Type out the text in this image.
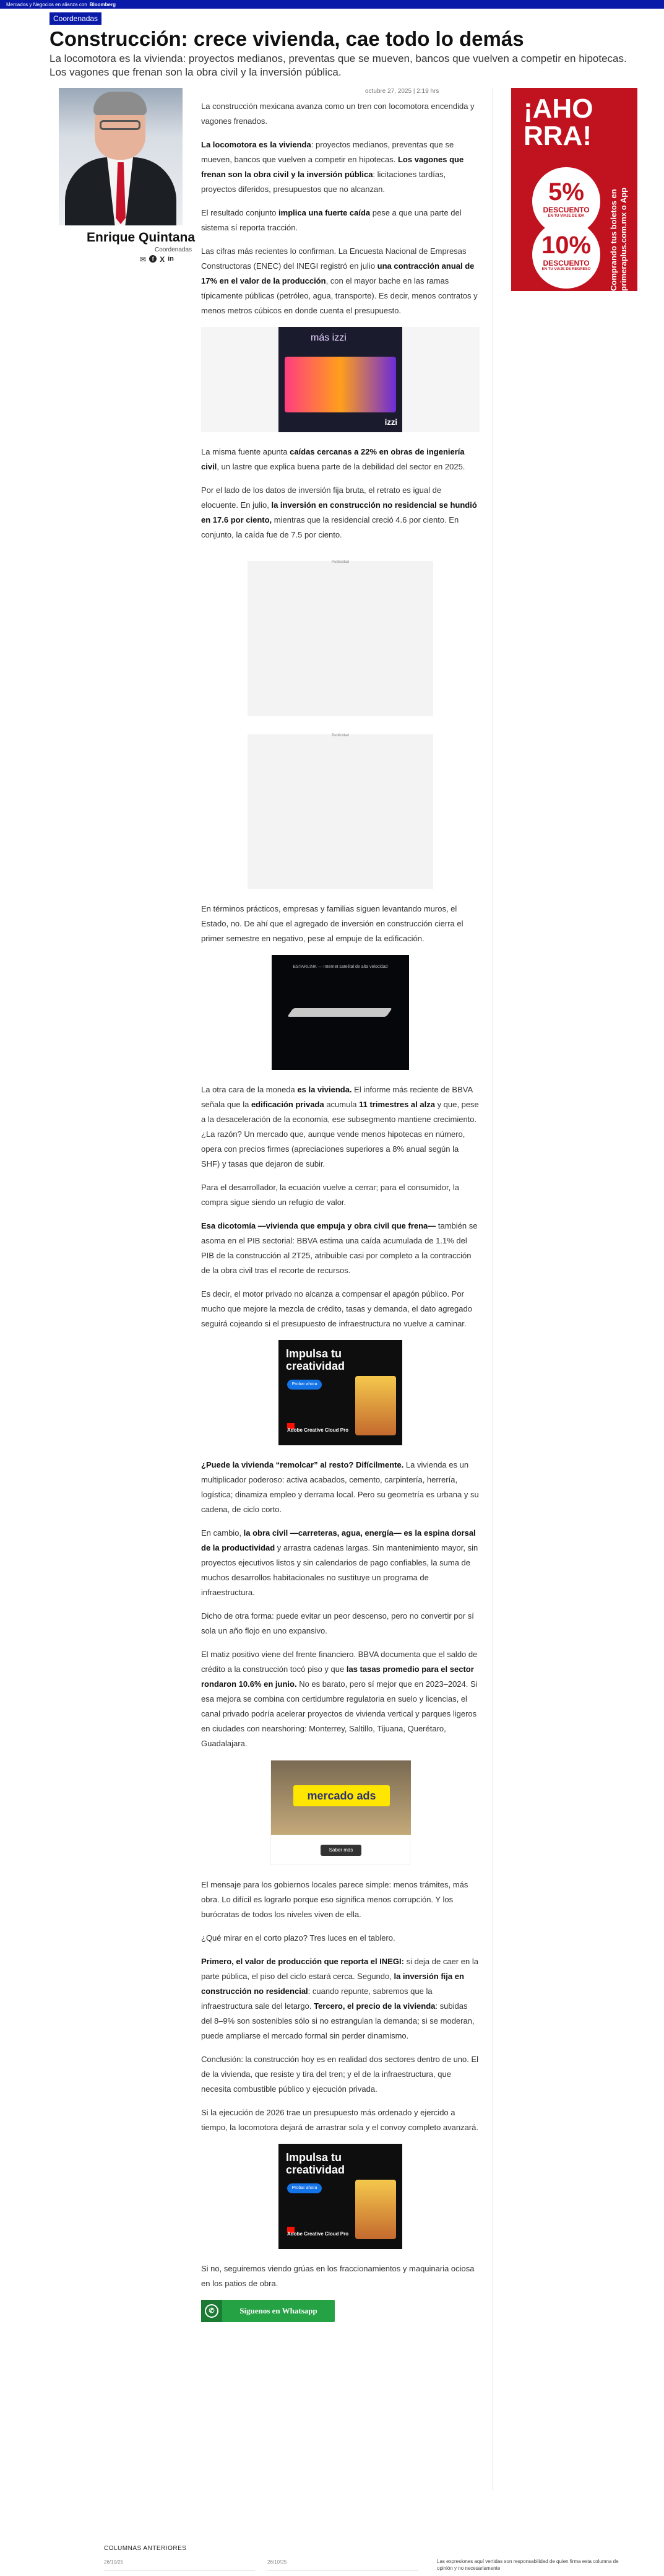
Mercados y Negocios en alianza con Bloomberg
Coordenadas
Construcción: crece vivienda, cae todo lo demás

La locomotora es la vivienda: proyectos medianos, preventas que se mueven, bancos que vuelven a competir en hipotecas. Los vagones que frenan son la obra civil y la inversión pública.

Enrique Quintana
Coordenadas
✉	f X in
octubre 27, 2025 | 2:19 hrs
¡AHO RRA!
5%
DESCUENTO
EN TU VIAJE DE IDA
10%
DESCUENTO
EN TU VIAJE DE REGRESO	Comprando tus boletos en primeraplus.com.mx o App

La construcción mexicana avanza como un tren con locomotora encendida y vagones frenados.

La locomotora es la vivienda: proyectos medianos, preventas que se mueven, bancos que vuelven a competir en hipotecas. Los vagones que frenan son la obra civil y la inversión pública: licitaciones tardías, proyectos diferidos, presupuestos que no alcanzan.

El resultado conjunto implica una fuerte caída pese a que una parte del sistema sí reporta tracción.

Las cifras más recientes lo confirman. La Encuesta Nacional de Empresas Constructoras (ENEC) del INEGI registró en julio una contracción anual de 17% en el valor de la producción, con el mayor bache en las ramas típicamente públicas (petróleo, agua, transporte). Es decir, menos contratos y menos metros cúbicos en donde cuenta el presupuesto.

más izzi
izzi

La misma fuente apunta caídas cercanas a 22% en obras de ingeniería civil, un lastre que explica buena parte de la debilidad del sector en 2025.

Por el lado de los datos de inversión fija bruta, el retrato es igual de elocuente. En julio, la inversión en construcción no residencial se hundió en 17.6 por ciento, mientras que la residencial creció 4.6 por ciento. En conjunto, la caída fue de 7.5 por ciento.

Publicidad
Publicidad

En términos prácticos, empresas y familias siguen levantando muros, el Estado, no. De ahí que el agregado de inversión en construcción cierra el primer semestre en negativo, pese al empuje de la edificación.

ESTARLINK — Internet satelital de alta velocidad

La otra cara de la moneda es la vivienda. El informe más reciente de BBVA señala que la edificación privada acumula 11 trimestres al alza y que, pese a la desaceleración de la economía, ese subsegmento mantiene crecimiento. ¿La razón? Un mercado que, aunque vende menos hipotecas en número, opera con precios firmes (apreciaciones superiores a 8% anual según la SHF) y tasas que dejaron de subir.

Para el desarrollador, la ecuación vuelve a cerrar; para el consumidor, la compra sigue siendo un refugio de valor.

Esa dicotomía —vivienda que empuja y obra civil que frena— también se asoma en el PIB sectorial: BBVA estima una caída acumulada de 1.1% del PIB de la construcción al 2T25, atribuible casi por completo a la contracción de la obra civil tras el recorte de recursos.

Es decir, el motor privado no alcanza a compensar el apagón público. Por mucho que mejore la mezcla de crédito, tasas y demanda, el dato agregado seguirá cojeando si el presupuesto de infraestructura no vuelve a caminar.

Impulsa tu creatividad
Probar ahora
Adobe Creative Cloud Pro

¿Puede la vivienda “remolcar” al resto? Difícilmente. La vivienda es un multiplicador poderoso: activa acabados, cemento, carpintería, herrería, logística; dinamiza empleo y derrama local. Pero su geometría es urbana y su cadena, de ciclo corto.

En cambio, la obra civil —carreteras, agua, energía— es la espina dorsal de la productividad y arrastra cadenas largas. Sin mantenimiento mayor, sin proyectos ejecutivos listos y sin calendarios de pago confiables, la suma de muchos desarrollos habitacionales no sustituye un programa de infraestructura.

Dicho de otra forma: puede evitar un peor descenso, pero no convertir por sí sola un año flojo en uno expansivo.

El matiz positivo viene del frente financiero. BBVA documenta que el saldo de crédito a la construcción tocó piso y que las tasas promedio para el sector rondaron 10.6% en junio. No es barato, pero sí mejor que en 2023–2024. Si esa mejora se combina con certidumbre regulatoria en suelo y licencias, el canal privado podría acelerar proyectos de vivienda vertical y parques ligeros en ciudades con nearshoring: Monterrey, Saltillo, Tijuana, Querétaro, Guadalajara.

mercado ads
Saber más

El mensaje para los gobiernos locales parece simple: menos trámites, más obra. Lo difícil es lograrlo porque eso significa menos corrupción. Y los burócratas de todos los niveles viven de ella.

¿Qué mirar en el corto plazo? Tres luces en el tablero.

Primero, el valor de producción que reporta el INEGI: si deja de caer en la parte pública, el piso del ciclo estará cerca. Segundo, la inversión fija en construcción no residencial: cuando repunte, sabremos que la infraestructura sale del letargo. Tercero, el precio de la vivienda: subidas del 8–9% son sostenibles sólo si no estrangulan la demanda; si se moderan, puede ampliarse el mercado formal sin perder dinamismo.

Conclusión: la construcción hoy es en realidad dos sectores dentro de uno. El de la vivienda, que resiste y tira del tren; y el de la infraestructura, que necesita combustible público y ejecución privada.

Si la ejecución de 2026 trae un presupuesto más ordenado y ejercido a tiempo, la locomotora dejará de arrastrar sola y el convoy completo avanzará.

Impulsa tu creatividad
Probar ahora
Adobe Creative Cloud Pro

Si no, seguiremos viendo grúas en los fraccionamientos y maquinaria ociosa en los patios de obra.

✆	Síguenos en Whatsapp
COLUMNAS ANTERIORES
26/10/25	26/10/25	Las expresiones aquí vertidas son responsabilidad de quien firma esta columna de opinión y no necesariamente
